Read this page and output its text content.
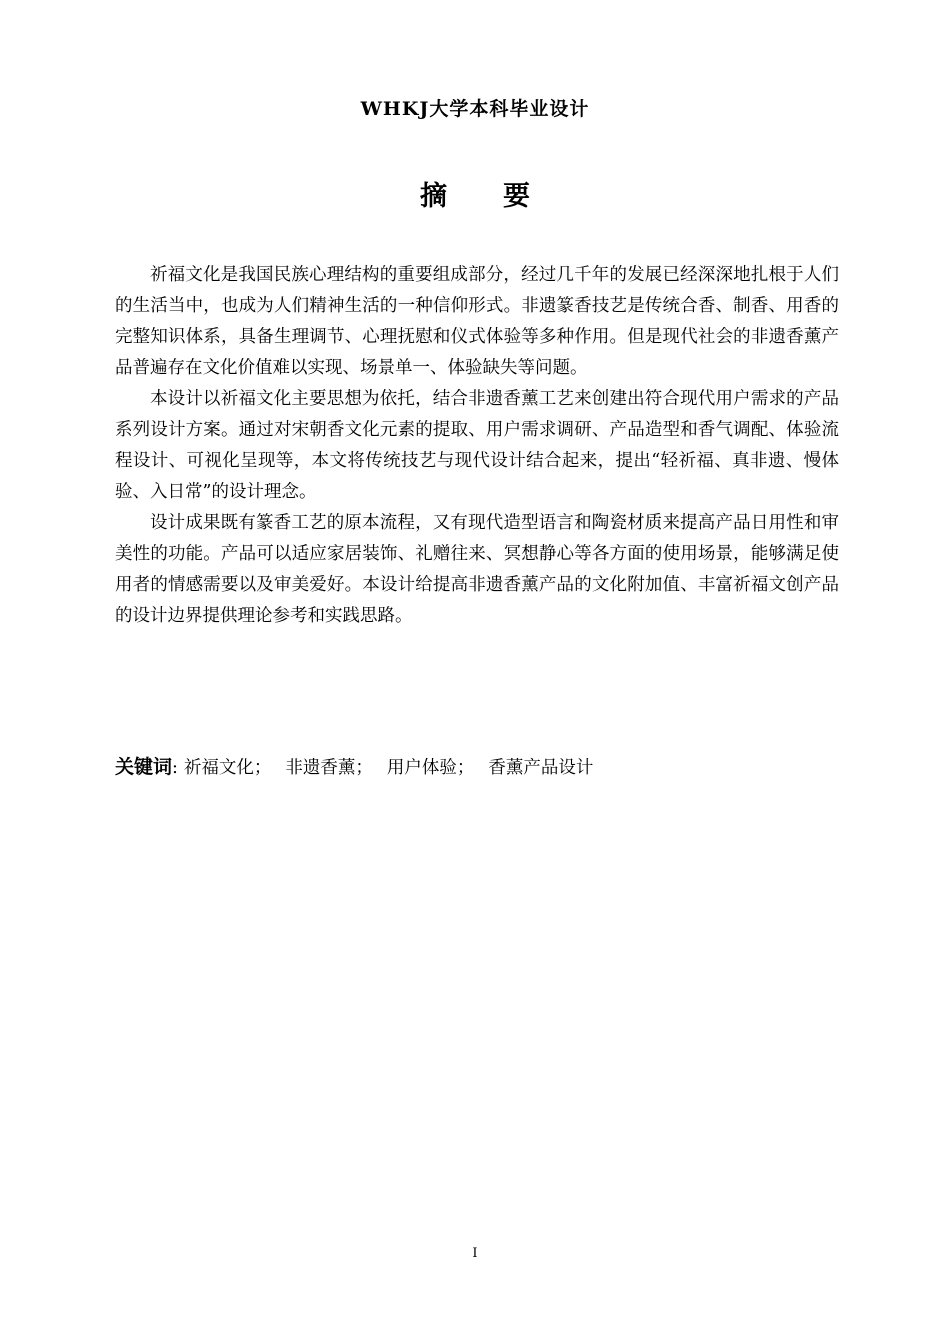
WHKJ大学本科毕业设计
摘要

祈福文化是我国民族心理结构的重要组成部分，经过几千年的发展已经深深地扎根于人们的生活当中，也成为人们精神生活的一种信仰形式。非遗篆香技艺是传统合香、制香、用香的完整知识体系，具备生理调节、心理抚慰和仪式体验等多种作用。但是现代社会的非遗香薰产品普遍存在文化价值难以实现、场景单一、体验缺失等问题。

本设计以祈福文化主要思想为依托，结合非遗香薰工艺来创建出符合现代用户需求的产品系列设计方案。通过对宋朝香文化元素的提取、用户需求调研、产品造型和香气调配、体验流程设计、可视化呈现等，本文将传统技艺与现代设计结合起来，提出“轻祈福、真非遗、慢体验、入日常”的设计理念。

设计成果既有篆香工艺的原本流程，又有现代造型语言和陶瓷材质来提高产品日用性和审美性的功能。产品可以适应家居装饰、礼赠往来、冥想静心等各方面的使用场景，能够满足使用者的情感需要以及审美爱好。本设计给提高非遗香薰产品的文化附加值、丰富祈福文创产品的设计边界提供理论参考和实践思路。

关键词: 祈福文化； 非遗香薰； 用户体验； 香薰产品设计
I
